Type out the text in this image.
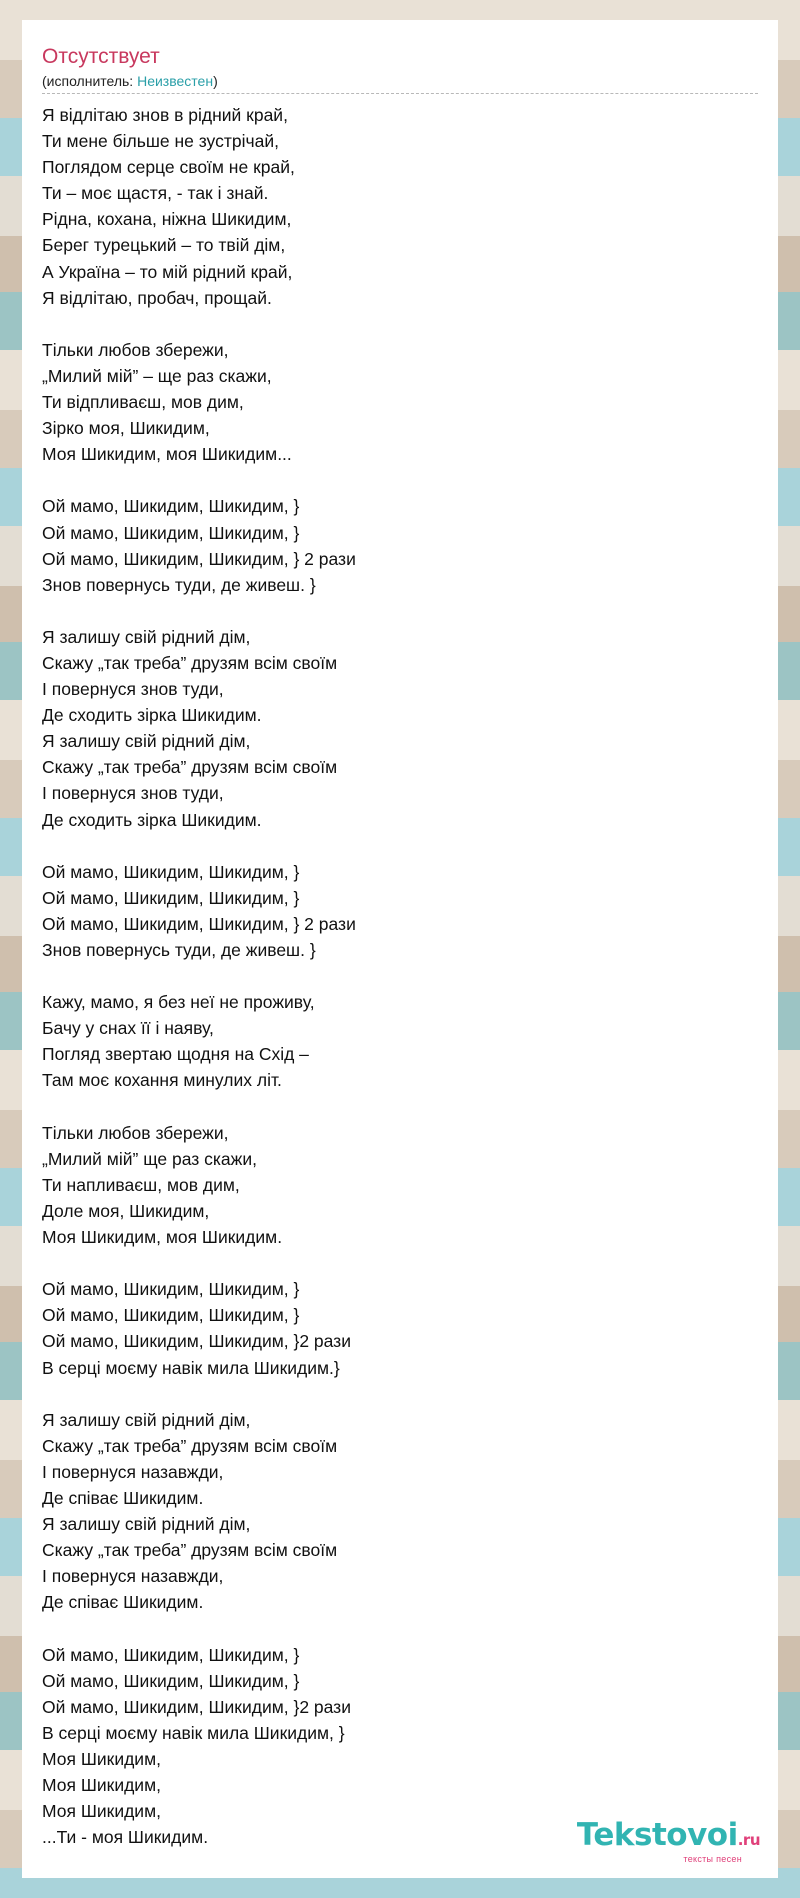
Отсутствует
(исполнитель: Неизвестен)
Я відлітаю знов в рідний край,
Ти мене більше не зустрічай,
Поглядом серце своїм не край,
Ти – моє щастя, - так і знай.
Рідна, кохана, ніжна Шикидим,
Берег турецький – то твій дім,
А Україна – то мій рідний край,
Я відлітаю, пробач, прощай.
Тільки любов збережи,
„Милий мій” – ще раз скажи,
Ти відпливаєш, мов дим,
Зірко моя, Шикидим,
Моя Шикидим, моя Шикидим...
Ой мамо, Шикидим, Шикидим, }
Ой мамо, Шикидим, Шикидим, }
Ой мамо, Шикидим, Шикидим, } 2 рази
Знов повернусь туди, де живеш. }
Я залишу свій рідний дім,
Скажу „так треба” друзям всім своїм
І повернуся знов туди,
Де сходить зірка Шикидим.
Я залишу свій рідний дім,
Скажу „так треба” друзям всім своїм
І повернуся знов туди,
Де сходить зірка Шикидим.
Ой мамо, Шикидим, Шикидим, }
Ой мамо, Шикидим, Шикидим, }
Ой мамо, Шикидим, Шикидим, } 2 рази
Знов повернусь туди, де живеш. }
Кажу, мамо, я без неї не проживу,
Бачу у снах її і наяву,
Погляд звертаю щодня на Схід –
Там моє кохання минулих літ.
Тільки любов збережи,
„Милий мій” ще раз скажи,
Ти напливаєш, мов дим,
Доле моя, Шикидим,
Моя Шикидим, моя Шикидим.
Ой мамо, Шикидим, Шикидим, }
Ой мамо, Шикидим, Шикидим, }
Ой мамо, Шикидим, Шикидим, }2 рази
В серці моєму навік мила Шикидим.}
Я залишу свій рідний дім,
Скажу „так треба” друзям всім своїм
І повернуся назавжди,
Де співає Шикидим.
Я залишу свій рідний дім,
Скажу „так треба” друзям всім своїм
І повернуся назавжди,
Де співає Шикидим.
Ой мамо, Шикидим, Шикидим, }
Ой мамо, Шикидим, Шикидим, }
Ой мамо, Шикидим, Шикидим, }2 рази
В серці моєму навік мила Шикидим, }
Моя Шикидим,
Моя Шикидим,
Моя Шикидим,
...Ти - моя Шикидим.	Tekstovoi.ru
тексты песен
